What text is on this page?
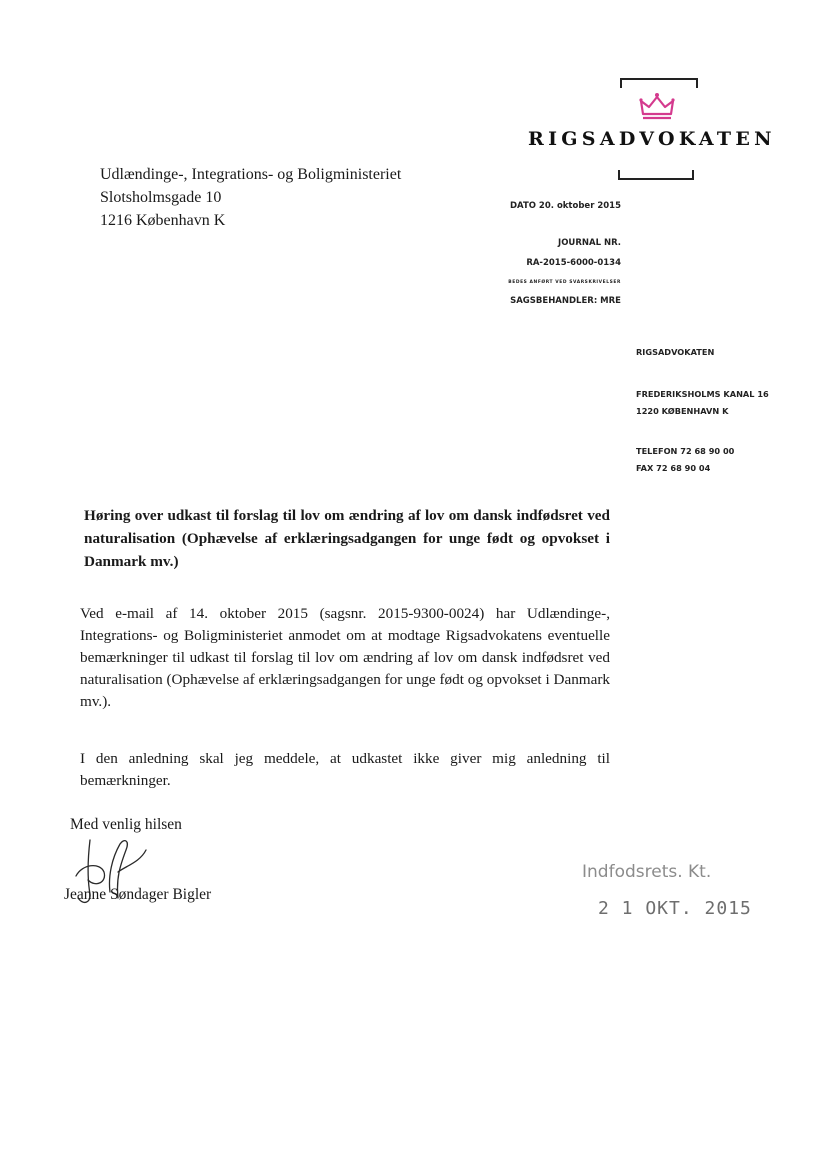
RIGSADVOKATEN
Udlændinge-, Integrations- og Boligministeriet
Slotsholmsgade 10
1216 København K
DATO 20. oktober 2015
JOURNAL NR.
RA-2015-6000-0134
BEDES ANFØRT VED SVARSKRIVELSER
SAGSBEHANDLER: MRE
RIGSADVOKATEN
FREDERIKSHOLMS KANAL 16
1220 KØBENHAVN K
TELEFON 72 68 90 00
FAX 72 68 90 04
Høring over udkast til forslag til lov om ændring af lov om dansk indfødsret ved naturalisation (Ophævelse af erklæringsadgangen for unge født og opvokset i Danmark mv.)
Ved e-mail af 14. oktober 2015 (sagsnr. 2015-9300-0024) har Udlændinge-, Integrations- og Boligministeriet anmodet om at modtage Rigsadvokatens eventuelle bemærkninger til udkast til forslag til lov om ændring af lov om dansk indfødsret ved naturalisation (Ophævelse af erklæringsadgangen for unge født og opvokset i Danmark mv.).
I den anledning skal jeg meddele, at udkastet ikke giver mig anledning til bemærkninger.
Med venlig hilsen
Jeanne Søndager Bigler
Indfodsrets. Kt.
2 1 OKT. 2015
